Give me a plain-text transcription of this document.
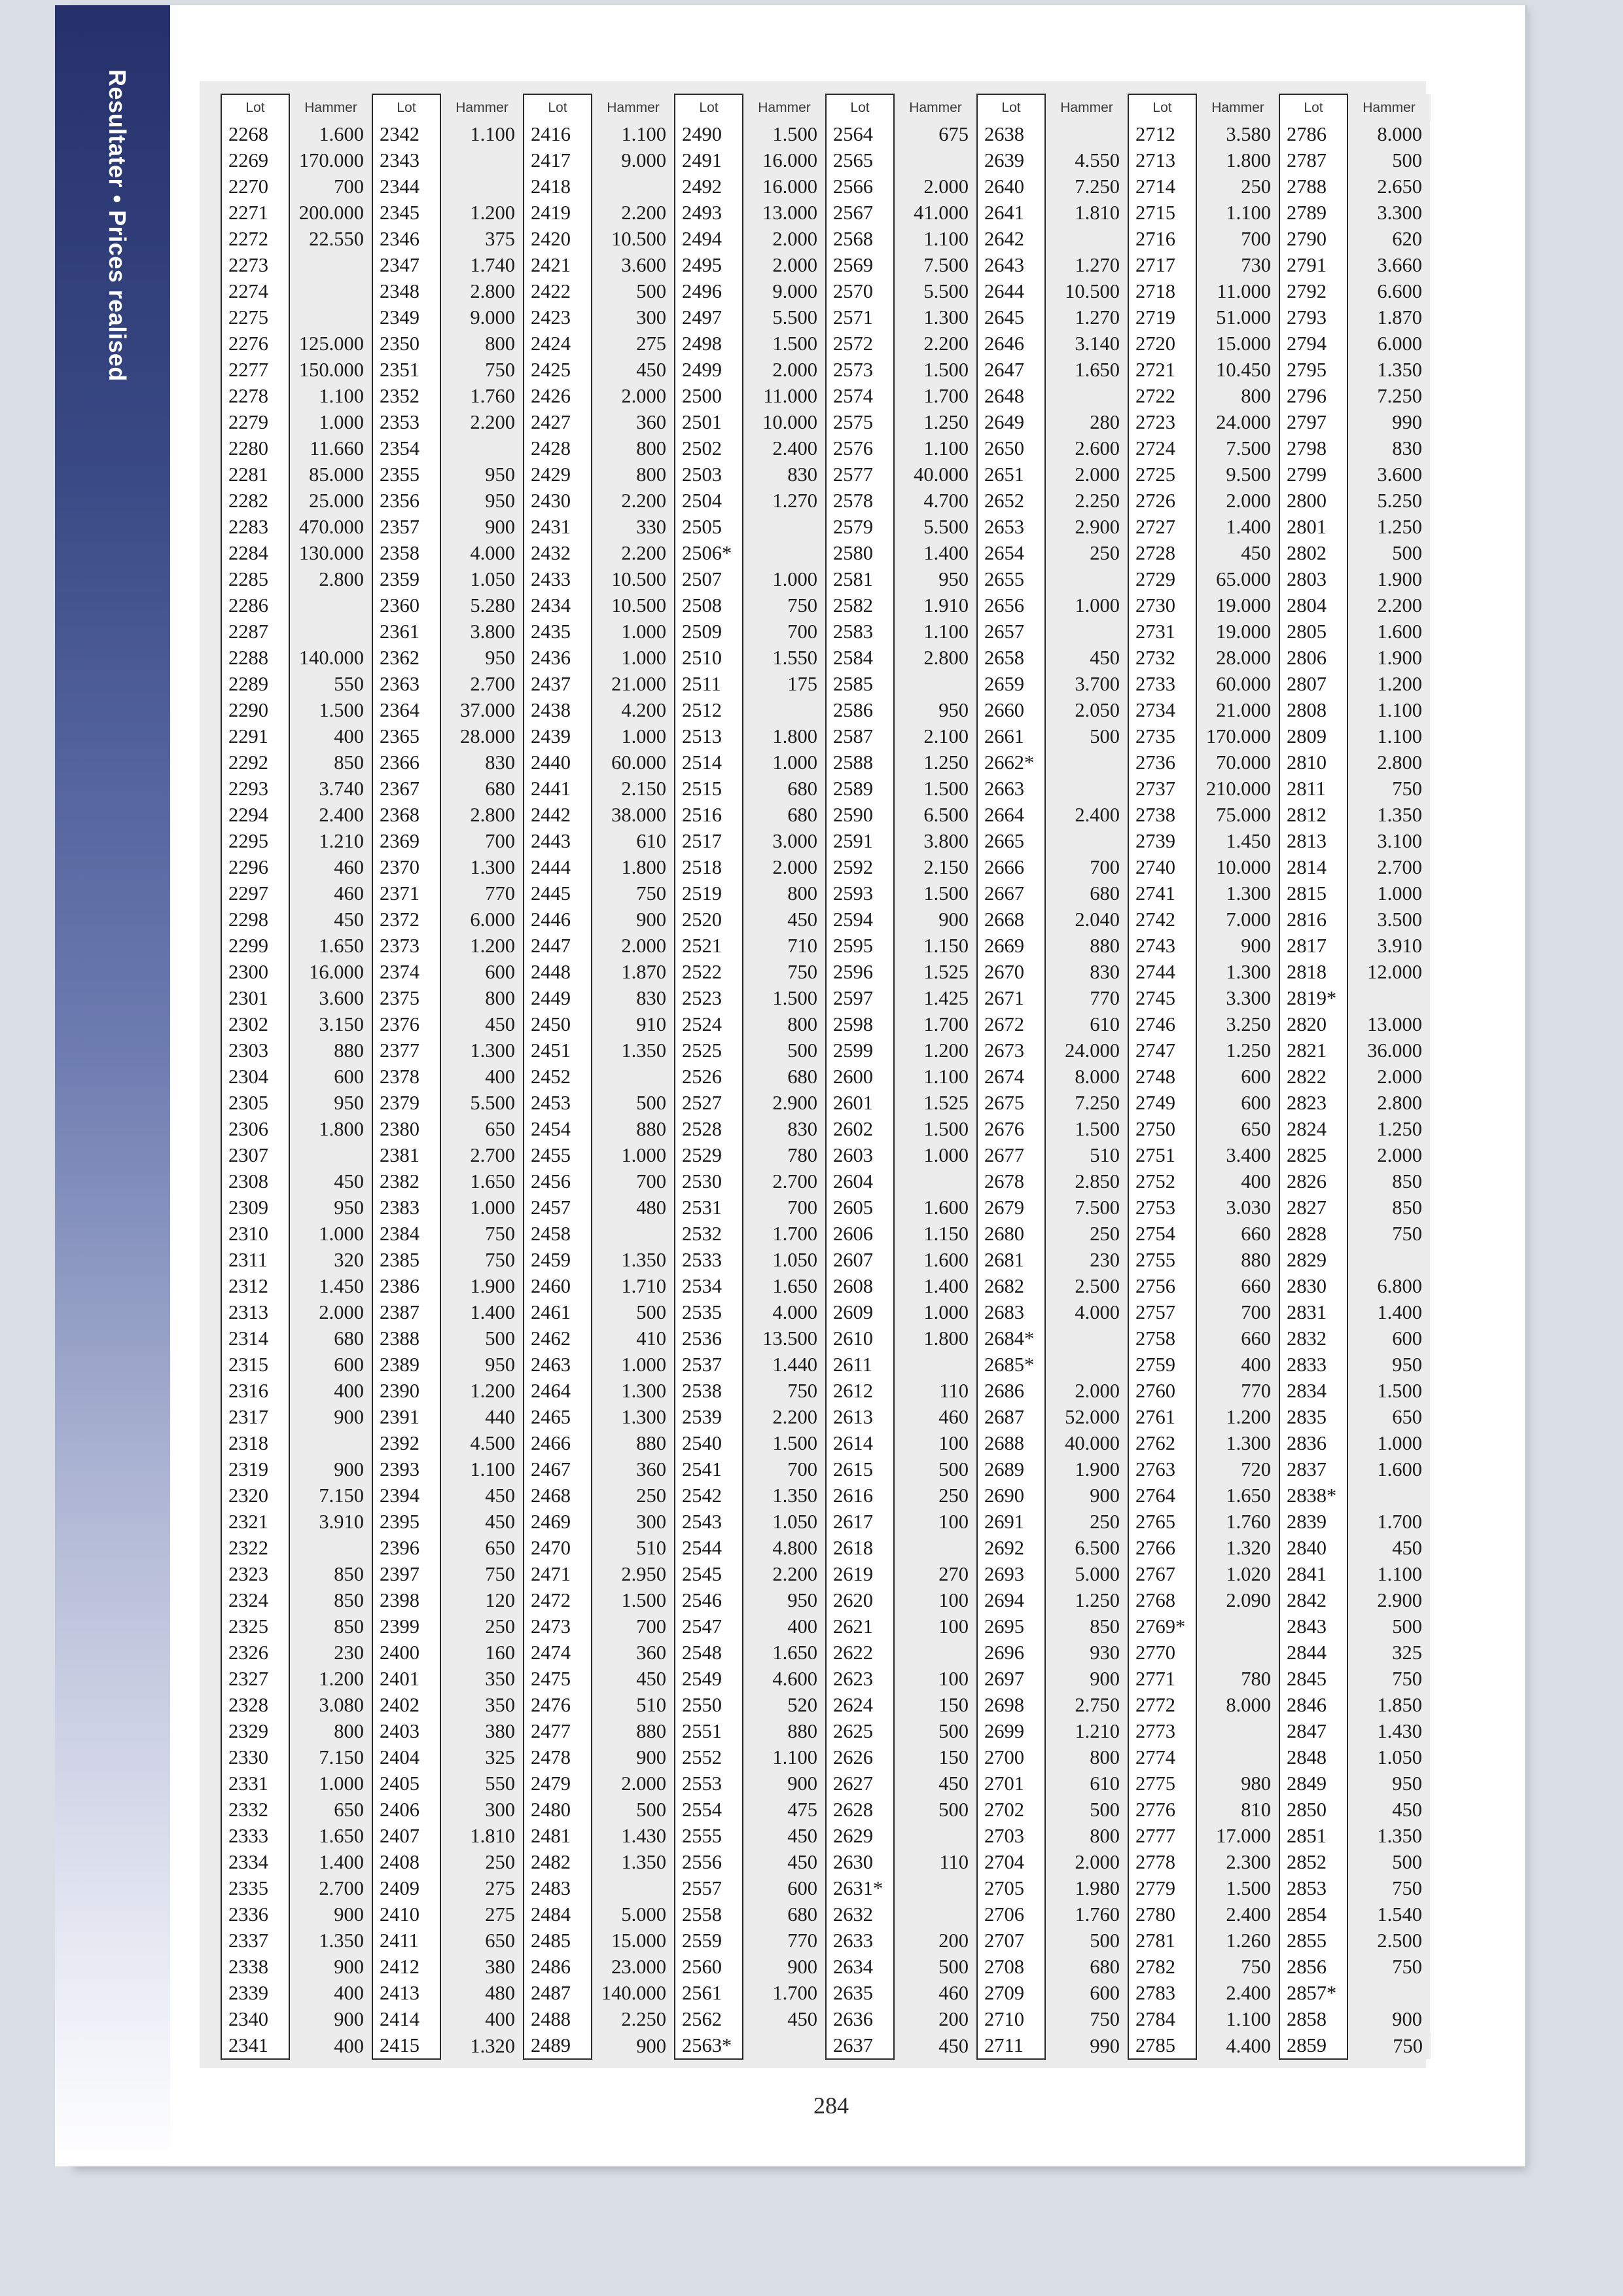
Resultater • Prices realised	Lot	Hammer	Lot	Hammer	Lot	Hammer	Lot	Hammer	Lot	Hammer	Lot	Hammer	Lot	Hammer	Lot	Hammer
2268	1.600	2342	1.100	2416	1.100	2490	1.500	2564	675	2638		2712	3.580	2786	8.000
2269	170.000	2343		2417	9.000	2491	16.000	2565		2639	4.550	2713	1.800	2787	500
2270	700	2344		2418		2492	16.000	2566	2.000	2640	7.250	2714	250	2788	2.650
2271	200.000	2345	1.200	2419	2.200	2493	13.000	2567	41.000	2641	1.810	2715	1.100	2789	3.300
2272	22.550	2346	375	2420	10.500	2494	2.000	2568	1.100	2642		2716	700	2790	620
2273		2347	1.740	2421	3.600	2495	2.000	2569	7.500	2643	1.270	2717	730	2791	3.660
2274		2348	2.800	2422	500	2496	9.000	2570	5.500	2644	10.500	2718	11.000	2792	6.600
2275		2349	9.000	2423	300	2497	5.500	2571	1.300	2645	1.270	2719	51.000	2793	1.870
2276	125.000	2350	800	2424	275	2498	1.500	2572	2.200	2646	3.140	2720	15.000	2794	6.000
2277	150.000	2351	750	2425	450	2499	2.000	2573	1.500	2647	1.650	2721	10.450	2795	1.350
2278	1.100	2352	1.760	2426	2.000	2500	11.000	2574	1.700	2648		2722	800	2796	7.250
2279	1.000	2353	2.200	2427	360	2501	10.000	2575	1.250	2649	280	2723	24.000	2797	990
2280	11.660	2354		2428	800	2502	2.400	2576	1.100	2650	2.600	2724	7.500	2798	830
2281	85.000	2355	950	2429	800	2503	830	2577	40.000	2651	2.000	2725	9.500	2799	3.600
2282	25.000	2356	950	2430	2.200	2504	1.270	2578	4.700	2652	2.250	2726	2.000	2800	5.250
2283	470.000	2357	900	2431	330	2505		2579	5.500	2653	2.900	2727	1.400	2801	1.250
2284	130.000	2358	4.000	2432	2.200	2506*		2580	1.400	2654	250	2728	450	2802	500
2285	2.800	2359	1.050	2433	10.500	2507	1.000	2581	950	2655		2729	65.000	2803	1.900
2286		2360	5.280	2434	10.500	2508	750	2582	1.910	2656	1.000	2730	19.000	2804	2.200
2287		2361	3.800	2435	1.000	2509	700	2583	1.100	2657		2731	19.000	2805	1.600
2288	140.000	2362	950	2436	1.000	2510	1.550	2584	2.800	2658	450	2732	28.000	2806	1.900
2289	550	2363	2.700	2437	21.000	2511	175	2585		2659	3.700	2733	60.000	2807	1.200
2290	1.500	2364	37.000	2438	4.200	2512		2586	950	2660	2.050	2734	21.000	2808	1.100
2291	400	2365	28.000	2439	1.000	2513	1.800	2587	2.100	2661	500	2735	170.000	2809	1.100
2292	850	2366	830	2440	60.000	2514	1.000	2588	1.250	2662*		2736	70.000	2810	2.800
2293	3.740	2367	680	2441	2.150	2515	680	2589	1.500	2663		2737	210.000	2811	750
2294	2.400	2368	2.800	2442	38.000	2516	680	2590	6.500	2664	2.400	2738	75.000	2812	1.350
2295	1.210	2369	700	2443	610	2517	3.000	2591	3.800	2665		2739	1.450	2813	3.100
2296	460	2370	1.300	2444	1.800	2518	2.000	2592	2.150	2666	700	2740	10.000	2814	2.700
2297	460	2371	770	2445	750	2519	800	2593	1.500	2667	680	2741	1.300	2815	1.000
2298	450	2372	6.000	2446	900	2520	450	2594	900	2668	2.040	2742	7.000	2816	3.500
2299	1.650	2373	1.200	2447	2.000	2521	710	2595	1.150	2669	880	2743	900	2817	3.910
2300	16.000	2374	600	2448	1.870	2522	750	2596	1.525	2670	830	2744	1.300	2818	12.000
2301	3.600	2375	800	2449	830	2523	1.500	2597	1.425	2671	770	2745	3.300	2819*	
2302	3.150	2376	450	2450	910	2524	800	2598	1.700	2672	610	2746	3.250	2820	13.000
2303	880	2377	1.300	2451	1.350	2525	500	2599	1.200	2673	24.000	2747	1.250	2821	36.000
2304	600	2378	400	2452		2526	680	2600	1.100	2674	8.000	2748	600	2822	2.000
2305	950	2379	5.500	2453	500	2527	2.900	2601	1.525	2675	7.250	2749	600	2823	2.800
2306	1.800	2380	650	2454	880	2528	830	2602	1.500	2676	1.500	2750	650	2824	1.250
2307		2381	2.700	2455	1.000	2529	780	2603	1.000	2677	510	2751	3.400	2825	2.000
2308	450	2382	1.650	2456	700	2530	2.700	2604		2678	2.850	2752	400	2826	850
2309	950	2383	1.000	2457	480	2531	700	2605	1.600	2679	7.500	2753	3.030	2827	850
2310	1.000	2384	750	2458		2532	1.700	2606	1.150	2680	250	2754	660	2828	750
2311	320	2385	750	2459	1.350	2533	1.050	2607	1.600	2681	230	2755	880	2829	
2312	1.450	2386	1.900	2460	1.710	2534	1.650	2608	1.400	2682	2.500	2756	660	2830	6.800
2313	2.000	2387	1.400	2461	500	2535	4.000	2609	1.000	2683	4.000	2757	700	2831	1.400
2314	680	2388	500	2462	410	2536	13.500	2610	1.800	2684*		2758	660	2832	600
2315	600	2389	950	2463	1.000	2537	1.440	2611		2685*		2759	400	2833	950
2316	400	2390	1.200	2464	1.300	2538	750	2612	110	2686	2.000	2760	770	2834	1.500
2317	900	2391	440	2465	1.300	2539	2.200	2613	460	2687	52.000	2761	1.200	2835	650
2318		2392	4.500	2466	880	2540	1.500	2614	100	2688	40.000	2762	1.300	2836	1.000
2319	900	2393	1.100	2467	360	2541	700	2615	500	2689	1.900	2763	720	2837	1.600
2320	7.150	2394	450	2468	250	2542	1.350	2616	250	2690	900	2764	1.650	2838*	
2321	3.910	2395	450	2469	300	2543	1.050	2617	100	2691	250	2765	1.760	2839	1.700
2322		2396	650	2470	510	2544	4.800	2618		2692	6.500	2766	1.320	2840	450
2323	850	2397	750	2471	2.950	2545	2.200	2619	270	2693	5.000	2767	1.020	2841	1.100
2324	850	2398	120	2472	1.500	2546	950	2620	100	2694	1.250	2768	2.090	2842	2.900
2325	850	2399	250	2473	700	2547	400	2621	100	2695	850	2769*		2843	500
2326	230	2400	160	2474	360	2548	1.650	2622		2696	930	2770		2844	325
2327	1.200	2401	350	2475	450	2549	4.600	2623	100	2697	900	2771	780	2845	750
2328	3.080	2402	350	2476	510	2550	520	2624	150	2698	2.750	2772	8.000	2846	1.850
2329	800	2403	380	2477	880	2551	880	2625	500	2699	1.210	2773		2847	1.430
2330	7.150	2404	325	2478	900	2552	1.100	2626	150	2700	800	2774		2848	1.050
2331	1.000	2405	550	2479	2.000	2553	900	2627	450	2701	610	2775	980	2849	950
2332	650	2406	300	2480	500	2554	475	2628	500	2702	500	2776	810	2850	450
2333	1.650	2407	1.810	2481	1.430	2555	450	2629		2703	800	2777	17.000	2851	1.350
2334	1.400	2408	250	2482	1.350	2556	450	2630	110	2704	2.000	2778	2.300	2852	500
2335	2.700	2409	275	2483		2557	600	2631*		2705	1.980	2779	1.500	2853	750
2336	900	2410	275	2484	5.000	2558	680	2632		2706	1.760	2780	2.400	2854	1.540
2337	1.350	2411	650	2485	15.000	2559	770	2633	200	2707	500	2781	1.260	2855	2.500
2338	900	2412	380	2486	23.000	2560	900	2634	500	2708	680	2782	750	2856	750
2339	400	2413	480	2487	140.000	2561	1.700	2635	460	2709	600	2783	2.400	2857*	
2340	900	2414	400	2488	2.250	2562	450	2636	200	2710	750	2784	1.100	2858	900
2341	400	2415	1.320	2489	900	2563*		2637	450	2711	990	2785	4.400	2859	750
284
